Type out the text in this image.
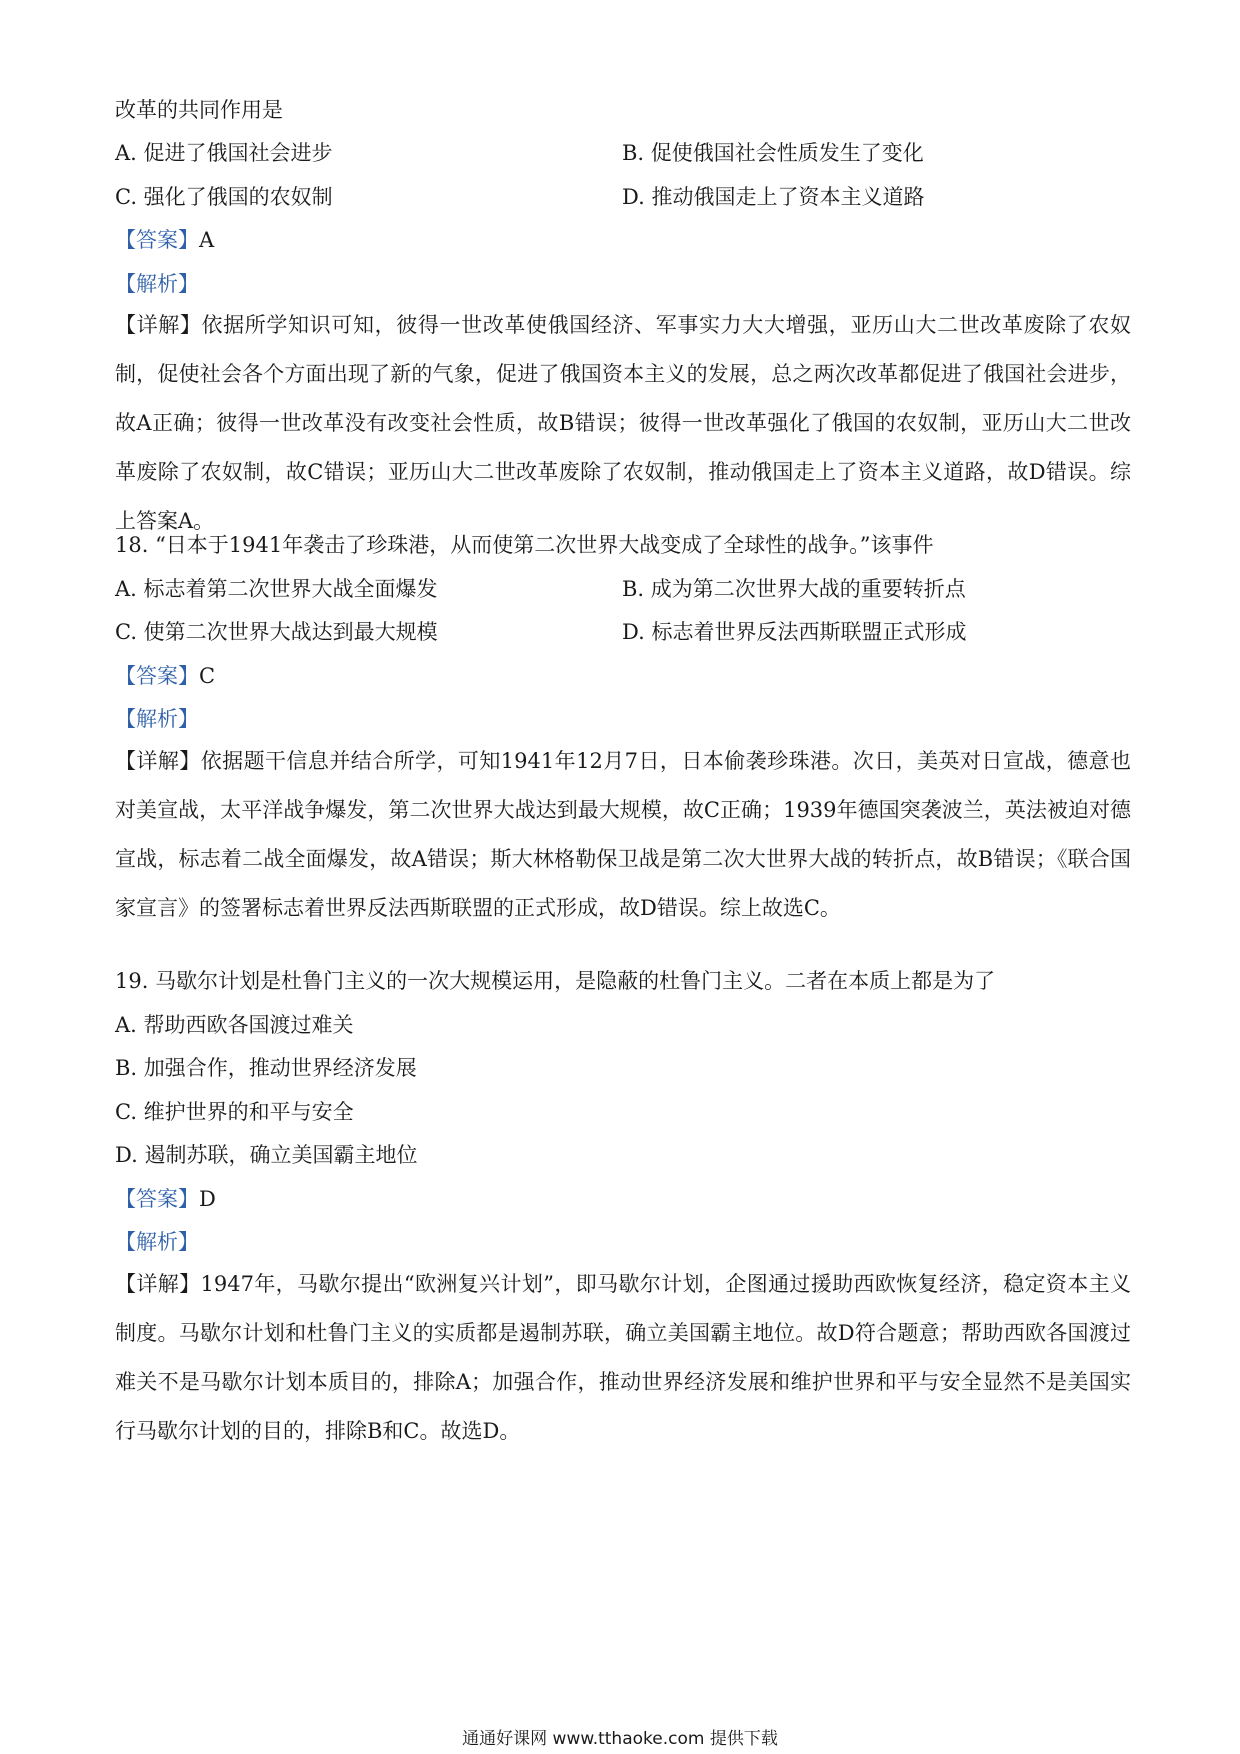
改革的共同作用是
A. 促进了俄国社会进步	B. 促使俄国社会性质发生了变化
C. 强化了俄国的农奴制	D. 推动俄国走上了资本主义道路
【答案】A
【解析】
【详解】依据所学知识可知，彼得一世改革使俄国经济、军事实力大大增强，亚历山大二世改革废除了农奴制，促使社会各个方面出现了新的气象，促进了俄国资本主义的发展，总之两次改革都促进了俄国社会进步，故A正确；彼得一世改革没有改变社会性质，故B错误；彼得一世改革强化了俄国的农奴制，亚历山大二世改革废除了农奴制，故C错误；亚历山大二世改革废除了农奴制，推动俄国走上了资本主义道路，故D错误。综上答案A。
18. “日本于1941年袭击了珍珠港，从而使第二次世界大战变成了全球性的战争。”该事件
A. 标志着第二次世界大战全面爆发	B. 成为第二次世界大战的重要转折点
C. 使第二次世界大战达到最大规模	D. 标志着世界反法西斯联盟正式形成
【答案】C
【解析】
【详解】依据题干信息并结合所学，可知1941年12月7日，日本偷袭珍珠港。次日，美英对日宣战，德意也对美宣战，太平洋战争爆发，第二次世界大战达到最大规模，故C正确；1939年德国突袭波兰，英法被迫对德宣战，标志着二战全面爆发，故A错误；斯大林格勒保卫战是第二次大世界大战的转折点，故B错误；《联合国家宣言》的签署标志着世界反法西斯联盟的正式形成，故D错误。综上故选C。
19. 马歇尔计划是杜鲁门主义的一次大规模运用，是隐蔽的杜鲁门主义。二者在本质上都是为了
A. 帮助西欧各国渡过难关
B. 加强合作，推动世界经济发展
C. 维护世界的和平与安全
D. 遏制苏联，确立美国霸主地位
【答案】D
【解析】
【详解】1947年，马歇尔提出“欧洲复兴计划”，即马歇尔计划，企图通过援助西欧恢复经济，稳定资本主义制度。马歇尔计划和杜鲁门主义的实质都是遏制苏联，确立美国霸主地位。故D符合题意；帮助西欧各国渡过难关不是马歇尔计划本质目的，排除A；加强合作，推动世界经济发展和维护世界和平与安全显然不是美国实行马歇尔计划的目的，排除B和C。故选D。
通通好课网 www.tthaoke.com 提供下载
